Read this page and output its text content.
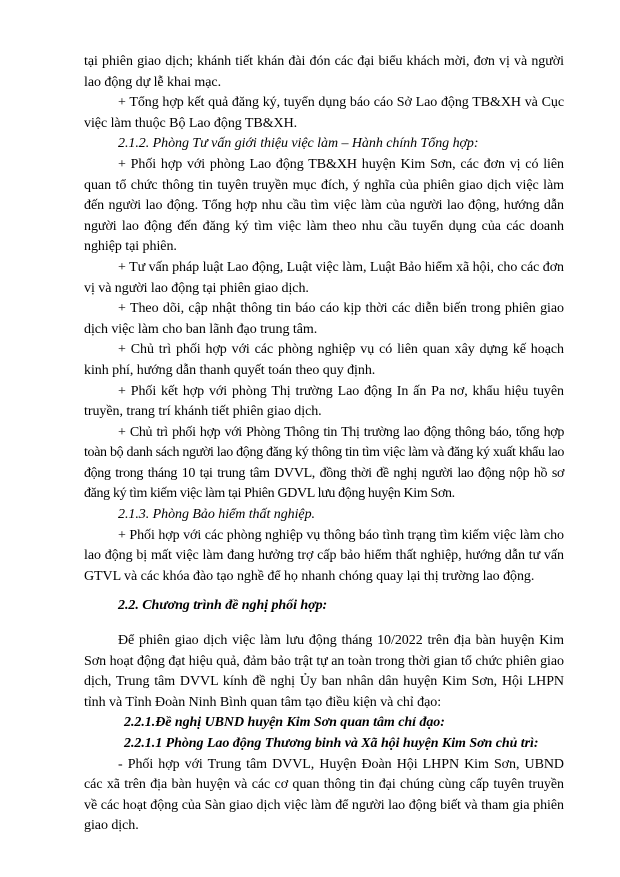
tại phiên giao dịch; khánh tiết khán đài đón các đại biểu khách mời, đơn vị và người lao động dự lễ khai mạc.

+ Tổng hợp kết quả đăng ký, tuyển dụng báo cáo Sở Lao động TB&XH và Cục việc làm thuộc Bộ Lao động TB&XH.

2.1.2. Phòng Tư vấn giới thiệu việc làm – Hành chính Tổng hợp:

+ Phối hợp với phòng Lao động TB&XH huyện Kim Sơn, các đơn vị có liên quan tổ chức thông tin tuyên truyền mục đích, ý nghĩa của phiên giao dịch việc làm đến người lao động. Tổng hợp nhu cầu tìm việc làm của người lao động, hướng dẫn người lao động đến đăng ký tìm việc làm theo nhu cầu tuyển dụng của các doanh nghiệp tại phiên.

+ Tư vấn pháp luật Lao động, Luật việc làm, Luật Bảo hiểm xã hội, cho các đơn vị và người lao động tại phiên giao dịch.

+ Theo dõi, cập nhật thông tin báo cáo kịp thời các diễn biến trong phiên giao dịch việc làm cho ban lãnh đạo trung tâm.

+ Chủ trì phối hợp với các phòng nghiệp vụ có liên quan xây dựng kế hoạch kinh phí, hướng dẫn thanh quyết toán theo quy định.

+ Phối kết hợp với phòng Thị trường Lao động In ấn Pa nơ, khẩu hiệu tuyên truyền, trang trí khánh tiết phiên giao dịch.

+ Chủ trì phối hợp với Phòng Thông tin Thị trường lao động thông báo, tổng hợp toàn bộ danh sách người lao động đăng ký thông tin tìm việc làm và đăng ký xuất khẩu lao động trong tháng 10 tại trung tâm DVVL, đồng thời đề nghị người lao động nộp hồ sơ đăng ký tìm kiếm việc làm tại Phiên GDVL lưu động huyện Kim Sơn.

2.1.3. Phòng Bảo hiểm thất nghiệp.

+ Phối hợp với các phòng nghiệp vụ thông báo tình trạng tìm kiếm việc làm cho lao động bị mất việc làm đang hưởng trợ cấp bảo hiểm thất nghiệp, hướng dẫn tư vấn GTVL và các khóa đào tạo nghề để họ nhanh chóng quay lại thị trường lao động.

2.2. Chương trình đề nghị phối hợp:

Để phiên giao dịch việc làm lưu động tháng 10/2022 trên địa bàn huyện Kim Sơn hoạt động đạt hiệu quả, đảm bảo trật tự an toàn trong thời gian tổ chức phiên giao dịch, Trung tâm DVVL kính đề nghị Ủy ban nhân dân huyện Kim Sơn, Hội LHPN tỉnh và Tỉnh Đoàn Ninh Bình quan tâm tạo điều kiện và chỉ đạo:

2.2.1.Đề nghị UBND huyện Kim Sơn quan tâm chỉ đạo:

2.2.1.1 Phòng Lao động Thương binh và Xã hội huyện Kim Sơn chủ trì:

- Phối hợp với Trung tâm DVVL, Huyện Đoàn Hội LHPN Kim Sơn, UBND các xã trên địa bàn huyện và các cơ quan thông tin đại chúng cùng cấp tuyên truyền về các hoạt động của Sàn giao dịch việc làm để người lao động biết và tham gia phiên giao dịch.
